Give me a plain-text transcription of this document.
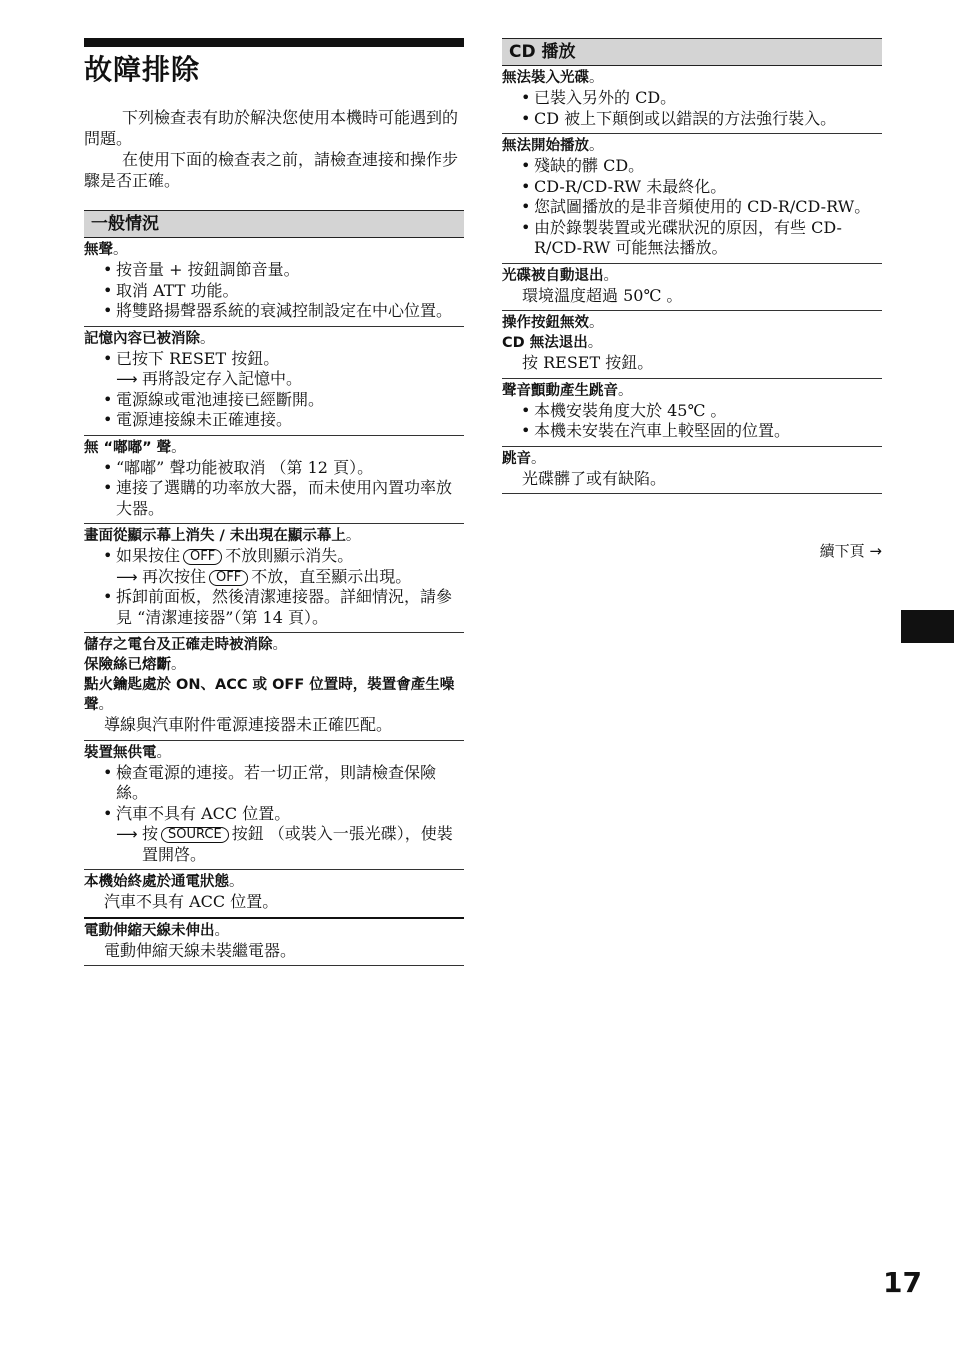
故障排除

下列檢查表有助於解決您使用本機時可能遇到的問題。

在使用下面的檢查表之前，請檢查連接和操作步驟是否正確。

一般情況
無聲。
• 按音量 + 按鈕調節音量。
• 取消 ATT 功能。
• 將雙路揚聲器系統的衰減控制設定在中心位置。
記憶內容已被消除。
• 已按下 RESET 按鈕。
⟶ 再將設定存入記憶中。
• 電源線或電池連接已經斷開。
• 電源連接線未正確連接。
無 “嘟嘟” 聲。
• “嘟嘟” 聲功能被取消 （第 12 頁）。
• 連接了選購的功率放大器，而未使用內置功率放大器。
畫面從顯示幕上消失 / 未出現在顯示幕上。
• 如果按住 OFF 不放則顯示消失。
⟶ 再次按住 OFF 不放，直至顯示出現。
• 拆卸前面板，然後清潔連接器。詳細情況，請參見 “清潔連接器”（第 14 頁）。
儲存之電台及正確走時被消除。
保險絲已熔斷。
點火鑰匙處於 ON、ACC 或 OFF 位置時，裝置會產生噪聲。
導線與汽車附件電源連接器未正確匹配。
裝置無供電。
• 檢查電源的連接。若一切正常，則請檢查保險絲。
• 汽車不具有 ACC 位置。
⟶ 按 SOURCE 按鈕 （或裝入一張光碟），使裝置開啓。
本機始終處於通電狀態。
汽車不具有 ACC 位置。
電動伸縮天線未伸出。
電動伸縮天線未裝繼電器。
CD 播放
無法裝入光碟。
• 已裝入另外的 CD。
• CD 被上下顛倒或以錯誤的方法強行裝入。
無法開始播放。
• 殘缺的髒 CD。
• CD-R/CD-RW 未最終化。
• 您試圖播放的是非音頻使用的 CD-R/CD-RW。
• 由於錄製裝置或光碟狀況的原因，有些 CD-R/CD-RW 可能無法播放。
光碟被自動退出。
環境溫度超過 50℃ 。
操作按鈕無效。
CD 無法退出。
按 RESET 按鈕。
聲音顫動產生跳音。
• 本機安裝角度大於 45℃ 。
• 本機未安裝在汽車上較堅固的位置。
跳音。
光碟髒了或有缺陷。
續下頁 →
17
